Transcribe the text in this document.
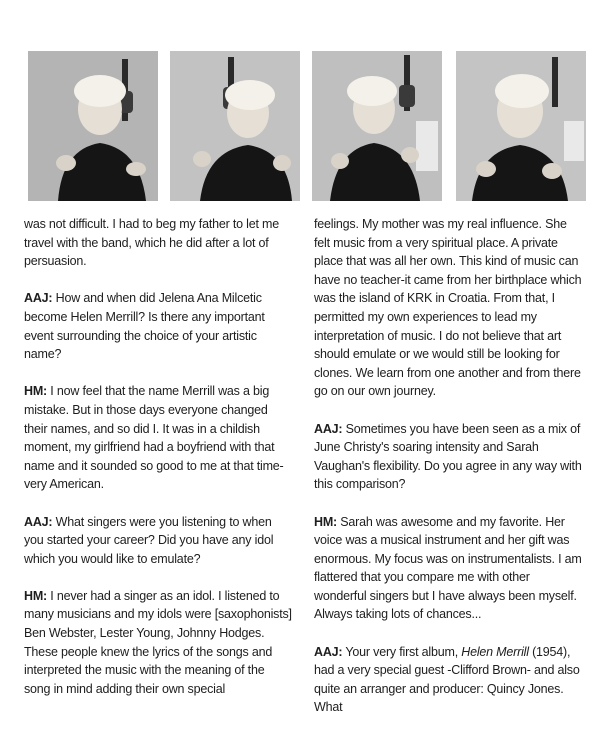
was not difficult. I had to beg my father to let me travel with the band, which he did after a lot of persuasion.

AAJ: How and when did Jelena Ana Milcetic become Helen Merrill? Is there any important event surrounding the choice of your artistic name?

HM: I now feel that the name Merrill was a big mistake. But in those days everyone changed their names, and so did I. It was in a childish moment, my girlfriend had a boyfriend with that name and it sounded so good to me at that time-very American.

AAJ: What singers were you listening to when you started your career? Did you have any idol which you would like to emulate?

HM: I never had a singer as an idol. I listened to many musicians and my idols were [saxophonists] Ben Webster, Lester Young, Johnny Hodges. These people knew the lyrics of the songs and interpreted the music with the meaning of the song in mind adding their own special

feelings. My mother was my real influence. She felt music from a very spiritual place. A private place that was all her own. This kind of music can have no teacher-it came from her birthplace which was the island of KRK in Croatia. From that, I permitted my own experiences to lead my interpretation of music. I do not believe that art should emulate or we would still be looking for clones. We learn from one another and from there go on our own journey.

AAJ: Sometimes you have been seen as a mix of June Christy's soaring intensity and Sarah Vaughan's flexibility. Do you agree in any way with this comparison?

HM: Sarah was awesome and my favorite. Her voice was a musical instrument and her gift was enormous. My focus was on instrumentalists. I am flattered that you compare me with other wonderful singers but I have always been myself. Always taking lots of chances...

AAJ: Your very first album, Helen Merrill (1954), had a very special guest -Clifford Brown- and also quite an arranger and producer: Quincy Jones. What
